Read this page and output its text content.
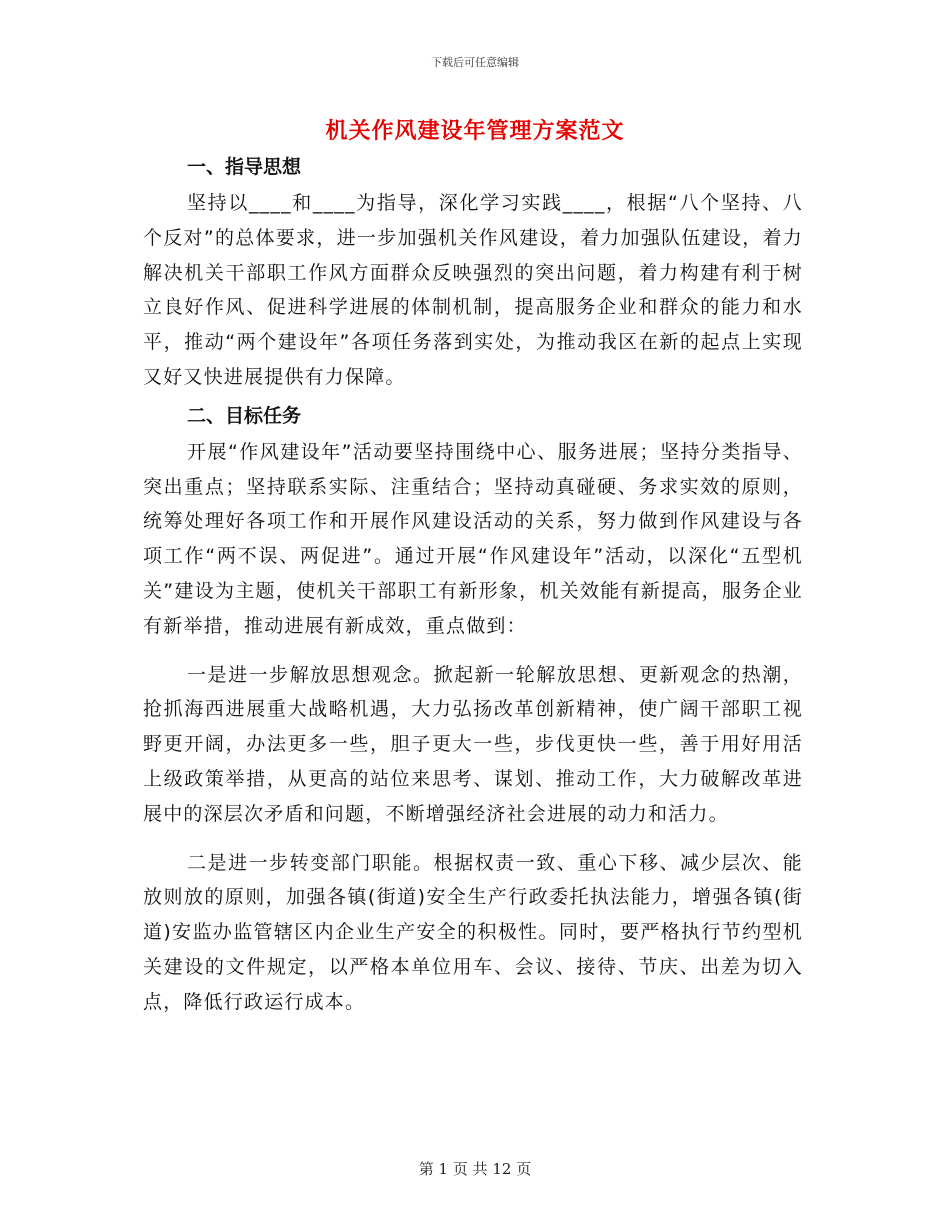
下载后可任意编辑
机关作风建设年管理方案范文
一、指导思想

坚持以____和____为指导，深化学习实践____，根据“八个坚持、八个反对”的总体要求，进一步加强机关作风建设，着力加强队伍建设，着力解决机关干部职工作风方面群众反映强烈的突出问题，着力构建有利于树立良好作风、促进科学进展的体制机制，提高服务企业和群众的能力和水平，推动“两个建设年”各项任务落到实处，为推动我区在新的起点上实现又好又快进展提供有力保障。

二、目标任务

开展“作风建设年”活动要坚持围绕中心、服务进展；坚持分类指导、突出重点；坚持联系实际、注重结合；坚持动真碰硬、务求实效的原则，统筹处理好各项工作和开展作风建设活动的关系，努力做到作风建设与各项工作“两不误、两促进”。通过开展“作风建设年”活动，以深化“五型机关”建设为主题，使机关干部职工有新形象，机关效能有新提高，服务企业有新举措，推动进展有新成效，重点做到：

一是进一步解放思想观念。掀起新一轮解放思想、更新观念的热潮，抢抓海西进展重大战略机遇，大力弘扬改革创新精神，使广阔干部职工视野更开阔，办法更多一些，胆子更大一些，步伐更快一些，善于用好用活上级政策举措，从更高的站位来思考、谋划、推动工作，大力破解改革进展中的深层次矛盾和问题，不断增强经济社会进展的动力和活力。

二是进一步转变部门职能。根据权责一致、重心下移、减少层次、能放则放的原则，加强各镇(街道)安全生产行政委托执法能力，增强各镇(街道)安监办监管辖区内企业生产安全的积极性。同时，要严格执行节约型机关建设的文件规定，以严格本单位用车、会议、接待、节庆、出差为切入点，降低行政运行成本。

第 1 页 共 12 页
